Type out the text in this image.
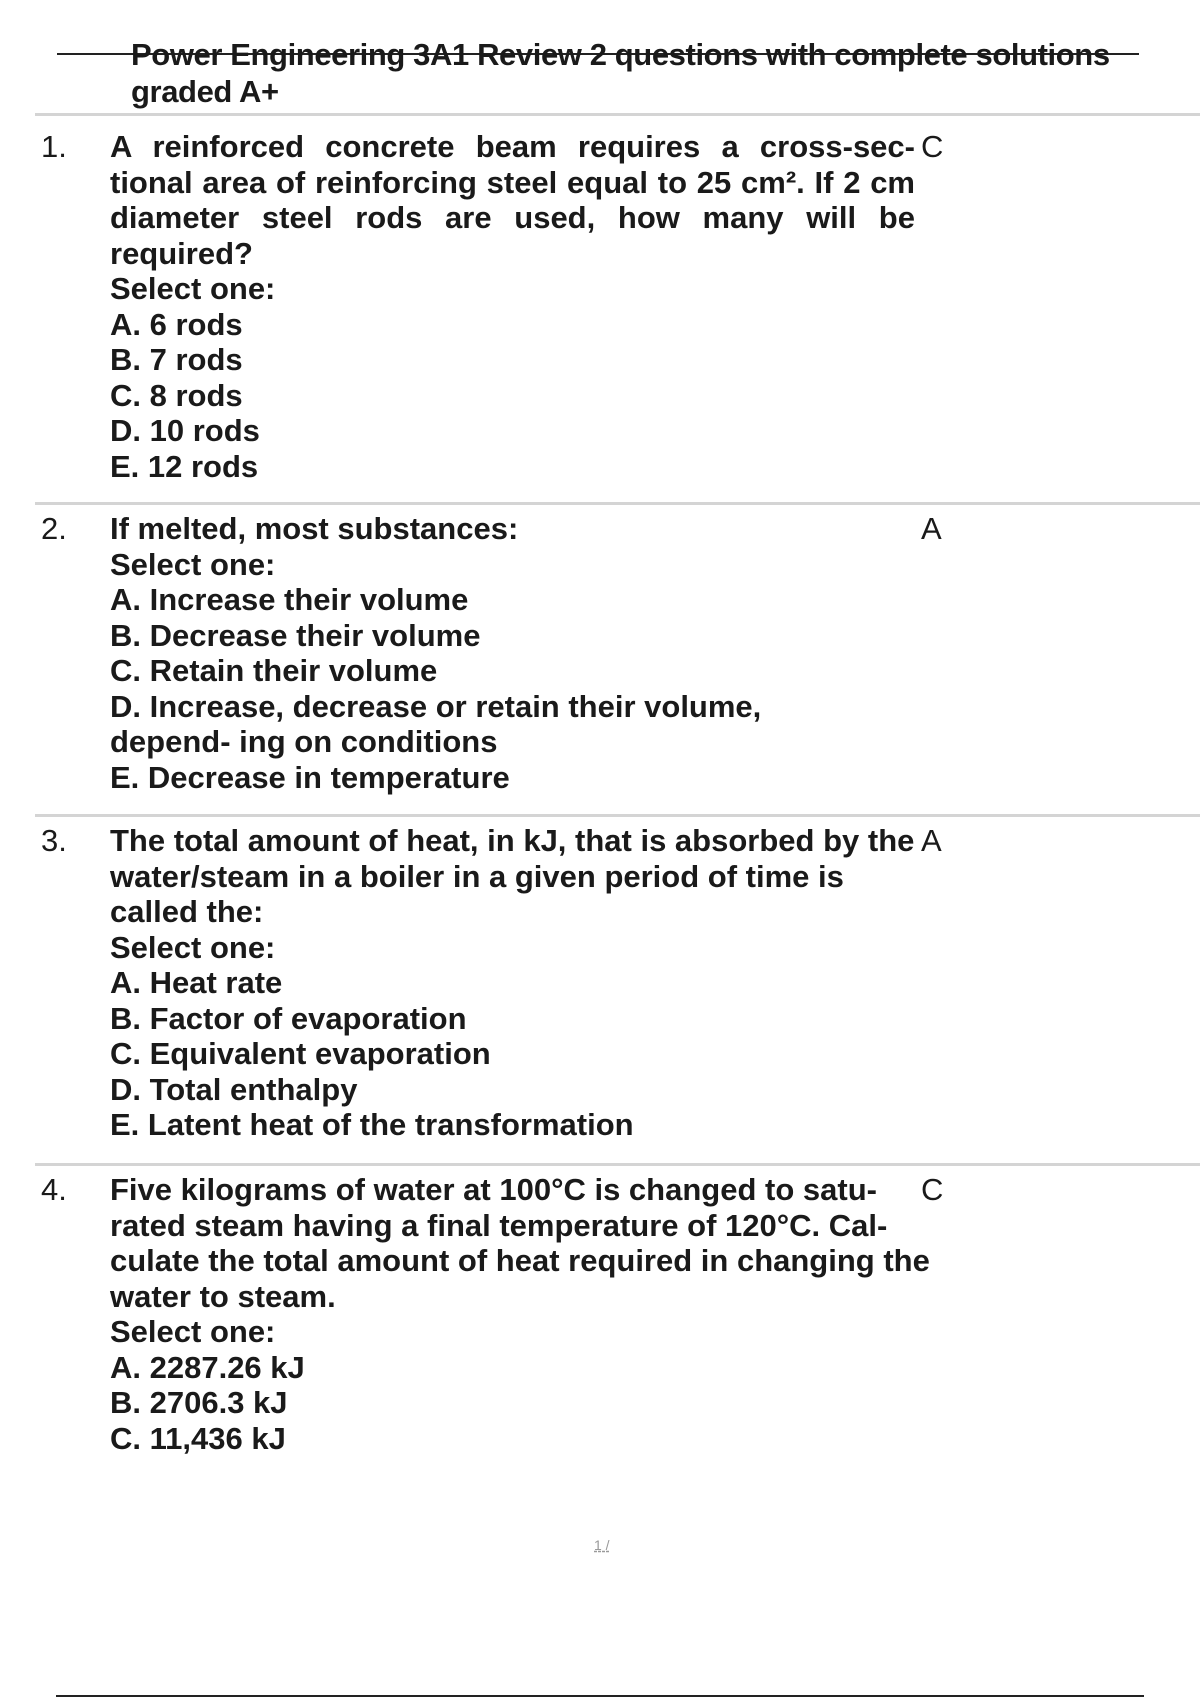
Power Engineering 3A1 Review 2 questions with complete solutions graded A+
1. A reinforced concrete beam requires a cross-sec- tional area of reinforcing steel equal to 25 cm². If 2 cm diameter steel rods are used, how many will be required?
Select one:
A. 6 rods
B. 7 rods
C. 8 rods
D. 10 rods
E. 12 rods
C
2. If melted, most substances:
Select one:
A. Increase their volume
B. Decrease their volume
C. Retain their volume
D. Increase, decrease or retain their volume, depend- ing on conditions
E. Decrease in temperature
A
3. The total amount of heat, in kJ, that is absorbed by the water/steam in a boiler in a given period of time is called the:
Select one:
A. Heat rate
B. Factor of evaporation
C. Equivalent evaporation
D. Total enthalpy
E. Latent heat of the transformation
A
4. Five kilograms of water at 100°C is changed to satu- rated steam having a final temperature of 120°C. Cal- culate the total amount of heat required in changing the water to steam.
Select one:
A. 2287.26 kJ
B. 2706.3 kJ
C. 11,436 kJ
C
1 /
